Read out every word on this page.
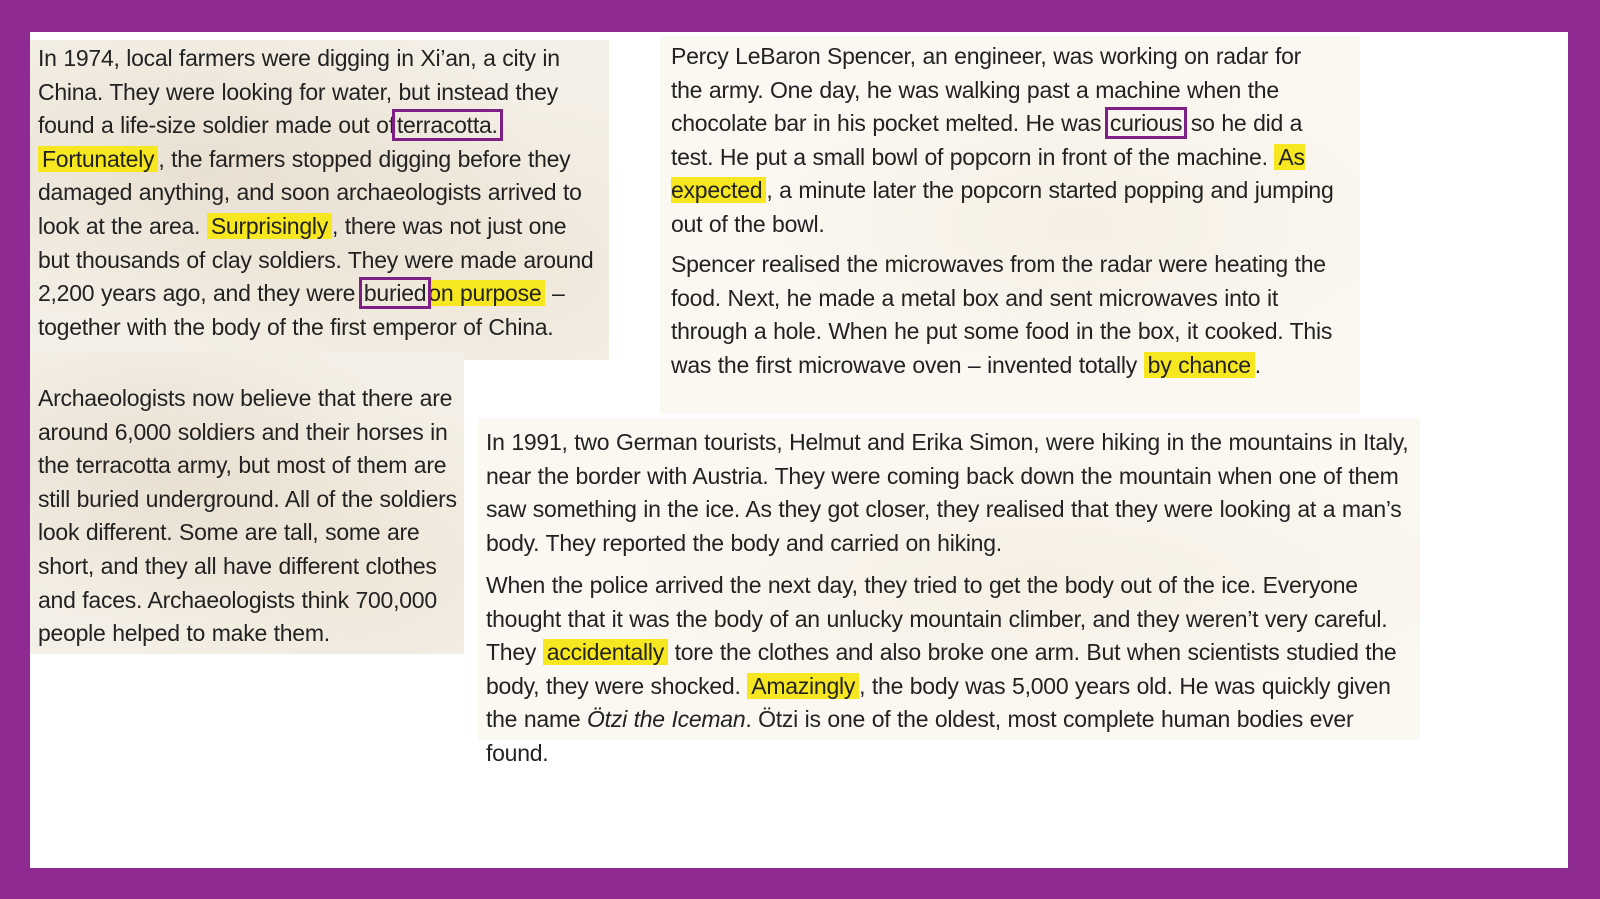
In 1974, local farmers were digging in Xi’an, a city in China. They were looking for water, but instead they found a life-size soldier made out ofterracotta. Fortunately , the farmers stopped digging before they damaged anything, and soon archaeologists arrived to look at the area. Surprisingly , there was not just one but thousands of clay soldiers. They were made around 2,200 years ago, and they were buriedon purpose – together with the body of the first emperor of China.

Archaeologists now believe that there are around 6,000 soldiers and their horses in the terracotta army, but most of them are still buried underground. All of the soldiers look different. Some are tall, some are short, and they all have different clothes and faces. Archaeologists think 700,000 people helped to make them.

Percy LeBaron Spencer, an engineer, was working on radar for the army. One day, he was walking past a machine when the chocolate bar in his pocket melted. He was curious so he did a test. He put a small bowl of popcorn in front of the machine. As expected , a minute later the popcorn started popping and jumping out of the bowl.

Spencer realised the microwaves from the radar were heating the food. Next, he made a metal box and sent microwaves into it through a hole. When he put some food in the box, it cooked. This was the first microwave oven – invented totally by chance .

In 1991, two German tourists, Helmut and Erika Simon, were hiking in the mountains in Italy, near the border with Austria. They were coming back down the mountain when one of them saw something in the ice. As they got closer, they realised that they were looking at a man’s body. They reported the body and carried on hiking.

When the police arrived the next day, they tried to get the body out of the ice. Everyone thought that it was the body of an unlucky mountain climber, and they weren’t very careful. They accidentally tore the clothes and also broke one arm. But when scientists studied the body, they were shocked. Amazingly , the body was 5,000 years old. He was quickly given the name Ötzi the Iceman. Ötzi is one of the oldest, most complete human bodies ever found.
